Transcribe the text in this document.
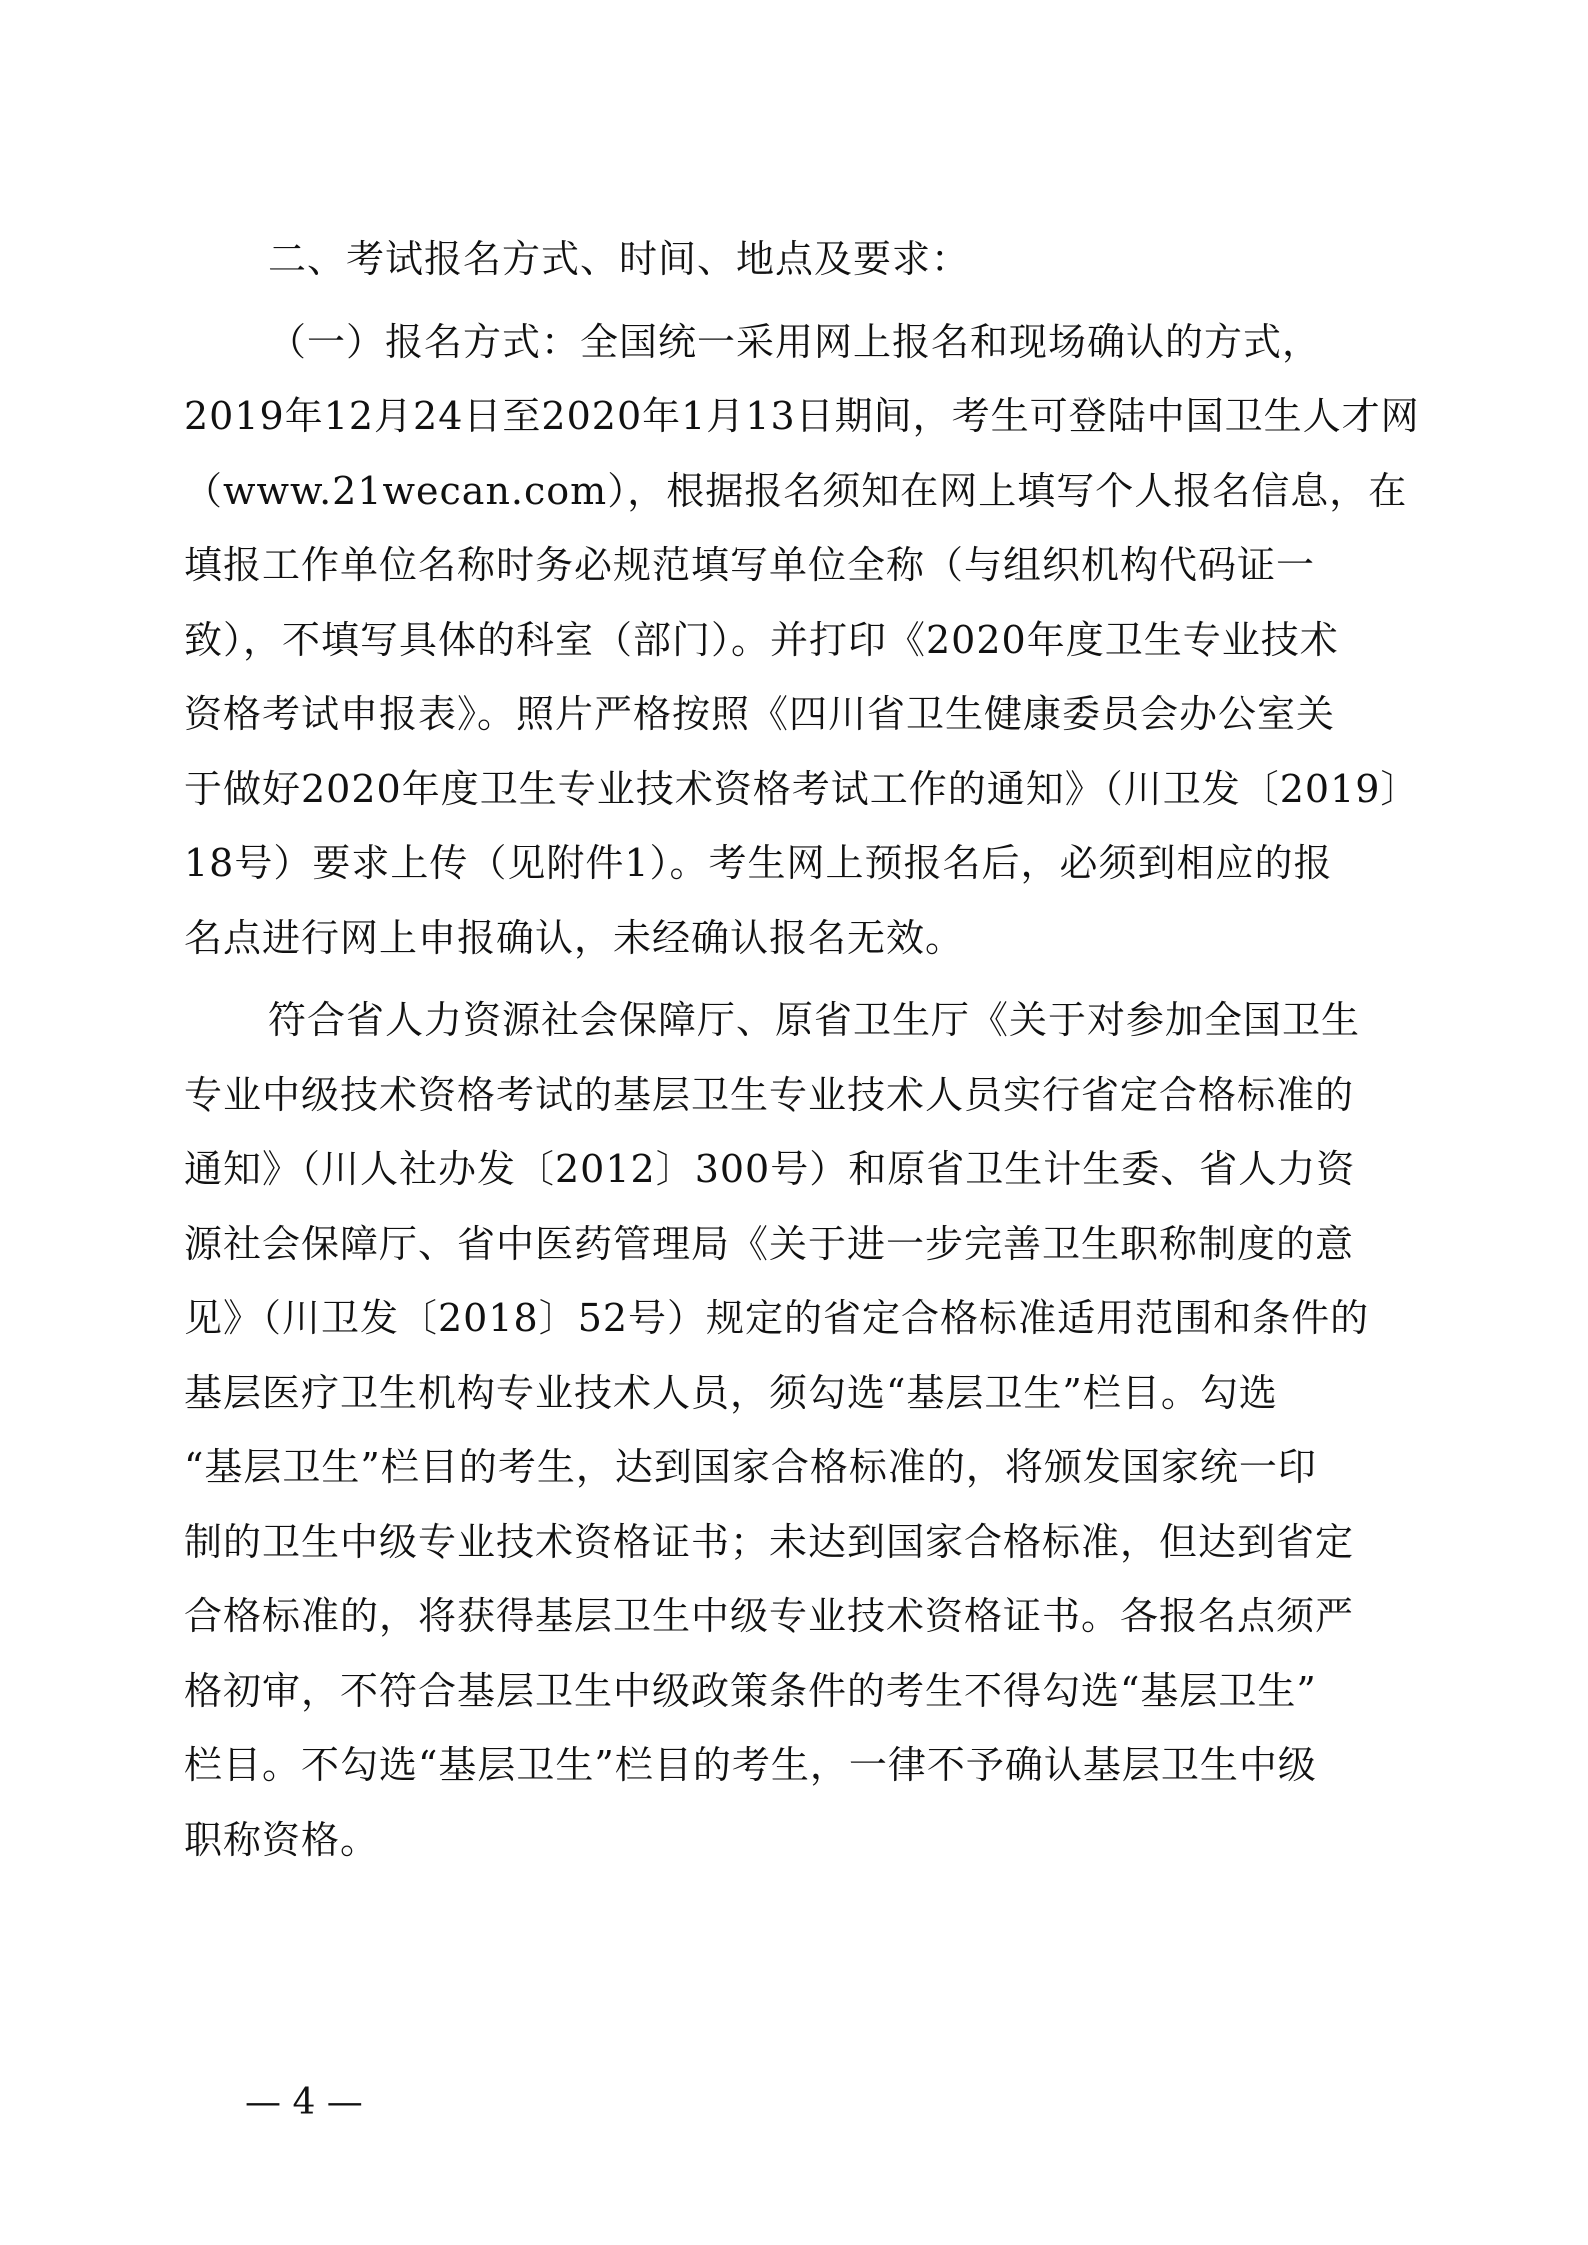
二、考试报名方式、时间、地点及要求：
（一）报名方式：全国统一采用网上报名和现场确认的方式，
2019年12月24日至2020年1月13日期间，考生可登陆中国卫生人才网
（www.21wecan.com），根据报名须知在网上填写个人报名信息，在
填报工作单位名称时务必规范填写单位全称（与组织机构代码证一
致），不填写具体的科室（部门）。并打印《2020年度卫生专业技术
资格考试申报表》。照片严格按照《四川省卫生健康委员会办公室关
于做好2020年度卫生专业技术资格考试工作的通知》（川卫发〔2019〕
18号）要求上传（见附件1）。考生网上预报名后，必须到相应的报
名点进行网上申报确认，未经确认报名无效。
符合省人力资源社会保障厅、原省卫生厅《关于对参加全国卫生
专业中级技术资格考试的基层卫生专业技术人员实行省定合格标准的
通知》（川人社办发〔2012〕300号）和原省卫生计生委、省人力资
源社会保障厅、省中医药管理局《关于进一步完善卫生职称制度的意
见》（川卫发〔2018〕52号）规定的省定合格标准适用范围和条件的
基层医疗卫生机构专业技术人员，须勾选“基层卫生”栏目。勾选
“基层卫生”栏目的考生，达到国家合格标准的，将颁发国家统一印
制的卫生中级专业技术资格证书；未达到国家合格标准，但达到省定
合格标准的，将获得基层卫生中级专业技术资格证书。各报名点须严
格初审，不符合基层卫生中级政策条件的考生不得勾选“基层卫生”
栏目。不勾选“基层卫生”栏目的考生，一律不予确认基层卫生中级
职称资格。
— 4 —
